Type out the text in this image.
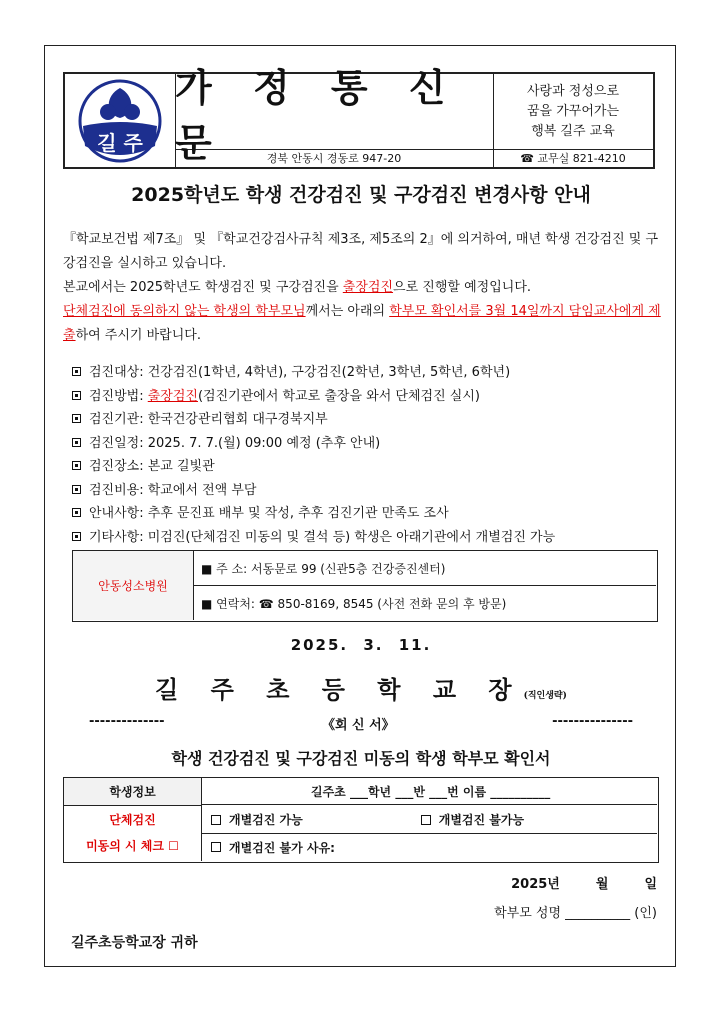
길 주
가 정 통 신 문
사랑과 정성으로
꿈을 가꾸어가는
행복 길주 교육
경북 안동시 경동로 947-20	☎ 교무실 821-4210
2025학년도 학생 건강검진 및 구강검진 변경사항 안내
『학교보건법 제7조』 및 『학교건강검사규칙 제3조, 제5조의 2』에 의거하여, 매년 학생 건강검진 및 구강검진을 실시하고 있습니다.
본교에서는 2025학년도 학생검진 및 구강검진을 출장검진으로 진행할 예정입니다.
단체검진에 동의하지 않는 학생의 학부모님께서는 아래의 학부모 확인서를 3월 14일까지 담임교사에게 제출하여 주시기 바랍니다.
검진대상: 건강검진(1학년, 4학년), 구강검진(2학년, 3학년, 5학년, 6학년)
검진방법: 출장검진(검진기관에서 학교로 출장을 와서 단체검진 실시)
검진기관: 한국건강관리협회 대구경북지부
검진일정: 2025. 7. 7.(월) 09:00 예정 (추후 안내)
검진장소: 본교 길빛관
검진비용: 학교에서 전액 부담
안내사항: 추후 문진표 배부 및 작성, 추후 검진기관 만족도 조사
기타사항: 미검진(단체검진 미동의 및 결석 등) 학생은 아래기관에서 개별검진 가능
안동성소병원
■ 주 소: 서동문로 99 (신관5층 건강증진센터)
■ 연락처: ☎ 850-8169, 8545 (사전 전화 문의 후 방문)
2025. 3. 11.
길 주 초 등 학 교 장(직인생략)
--------------	《회 신 서》	---------------
학생 건강검진 및 구강검진 미동의 학생 학부모 확인서
학생정보	길주초 ___학년 ___반 ___번 이름 __________
단체검진
미동의 시 체크 ☐
개별검진 가능	개별검진 불가능
개별검진 불가 사유:
2025년	월	일
학부모 성명 __________ (인)
길주초등학교장 귀하
